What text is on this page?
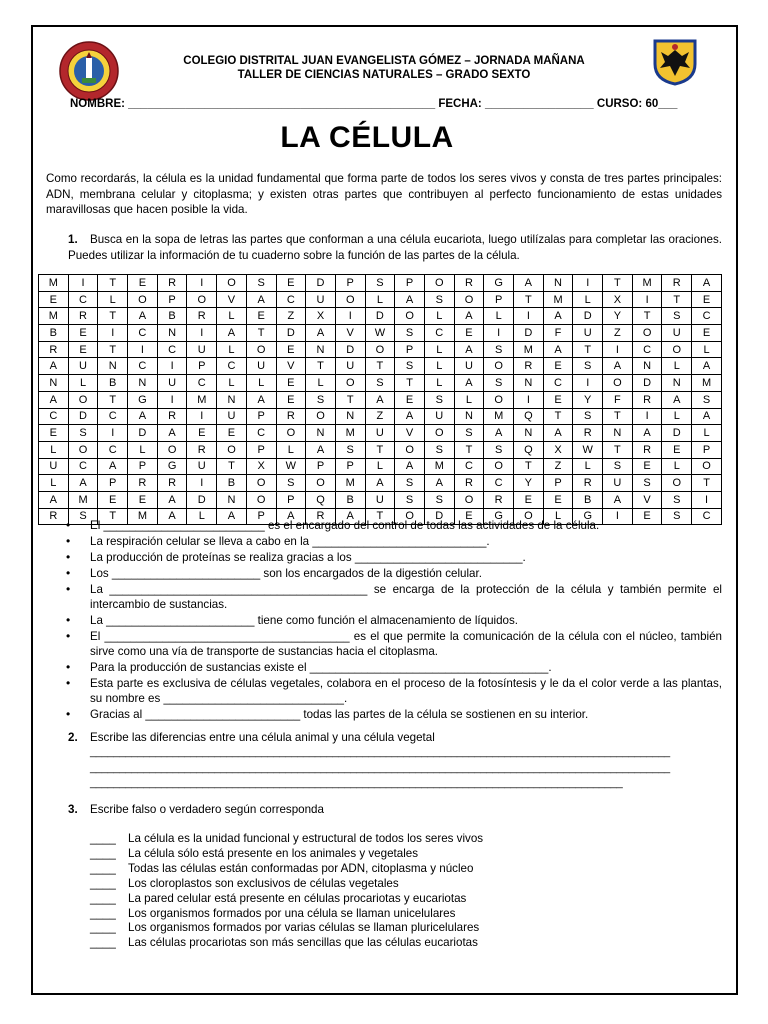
COLEGIO DISTRITAL JUAN EVANGELISTA GÓMEZ – JORNADA MAÑANA
TALLER DE CIENCIAS NATURALES – GRADO SEXTO
NOMBRE: ________________________________________________ FECHA: _________________ CURSO: 60___
LA CÉLULA
Como recordarás, la célula es la unidad fundamental que forma parte de todos los seres vivos y consta de tres partes principales: ADN, membrana celular y citoplasma; y existen otras partes que contribuyen al perfecto funcionamiento de estas unidades maravillosas que hacen posible la vida.
1. Busca en la sopa de letras las partes que conforman a una célula eucariota, luego utilízalas para completar las oraciones. Puedes utilizar la información de tu cuaderno sobre la función de las partes de la célula.
M	I	T	E	R	I	O	S	E	D	P	S	P	O	R	G	A	N	I	T	M	R	A
E	C	L	O	P	O	V	A	C	U	O	L	A	S	O	P	T	M	L	X	I	T	E
M	R	T	A	B	R	L	E	Z	X	I	D	O	L	A	L	I	A	D	Y	T	S	C
B	E	I	C	N	I	A	T	D	A	V	W	S	C	E	I	D	F	U	Z	O	U	E
R	E	T	I	C	U	L	O	E	N	D	O	P	L	A	S	M	A	T	I	C	O	L
A	U	N	C	I	P	C	U	V	T	U	T	S	L	U	O	R	E	S	A	N	L	A
N	L	B	N	U	C	L	L	E	L	O	S	T	L	A	S	N	C	I	O	D	N	M
A	O	T	G	I	M	N	A	E	S	T	A	E	S	L	O	I	E	Y	F	R	A	S
C	D	C	A	R	I	U	P	R	O	N	Z	A	U	N	M	Q	T	S	T	I	L	A
E	S	I	D	A	E	E	C	O	N	M	U	V	O	S	A	N	A	R	N	A	D	L
L	O	C	L	O	R	O	P	L	A	S	T	O	S	T	S	Q	X	W	T	R	E	P
U	C	A	P	G	U	T	X	W	P	P	L	A	M	C	O	T	Z	L	S	E	L	O
L	A	P	R	R	I	B	O	S	O	M	A	S	A	R	C	Y	P	R	U	S	O	T
A	M	E	E	A	D	N	O	P	Q	B	U	S	S	O	R	E	E	B	A	V	S	I
R	S	T	M	A	L	A	P	A	R	A	T	O	D	E	G	O	L	G	I	E	S	C
• El _________________________ es el encargado del control de todas las actividades de la célula.
• La respiración celular se lleva a cabo en la ___________________________.
• La producción de proteínas se realiza gracias a los __________________________.
• Los _______________________ son los encargados de la digestión celular.
• La ________________________________________ se encarga de la protección de la célula y también permite el intercambio de sustancias.
• La _______________________ tiene como función el almacenamiento de líquidos.
• El ______________________________________ es el que permite la comunicación de la célula con el núcleo, también sirve como una vía de transporte de sustancias hacia el citoplasma.
• Para la producción de sustancias existe el _____________________________________.
• Esta parte es exclusiva de células vegetales, colabora en el proceso de la fotosíntesis y le da el color verde a las plantas, su nombre es ____________________________.
• Gracias al ________________________ todas las partes de la célula se sostienen en su interior.
2. Escribe las diferencias entre una célula animal y una célula vegetal
__________________________________________________________________________________________________
__________________________________________________________________________________________________
__________________________________________________________________________________________
3. Escribe falso o verdadero según corresponda
____ La célula es la unidad funcional y estructural de todos los seres vivos
____ La célula sólo está presente en los animales y vegetales
____ Todas las células están conformadas por ADN, citoplasma y núcleo
____ Los cloroplastos son exclusivos de células vegetales
____ La pared celular está presente en células procariotas y eucariotas
____ Los organismos formados por una célula se llaman unicelulares
____ Los organismos formados por varias células se llaman pluricelulares
____ Las células procariotas son más sencillas que las células eucariotas
